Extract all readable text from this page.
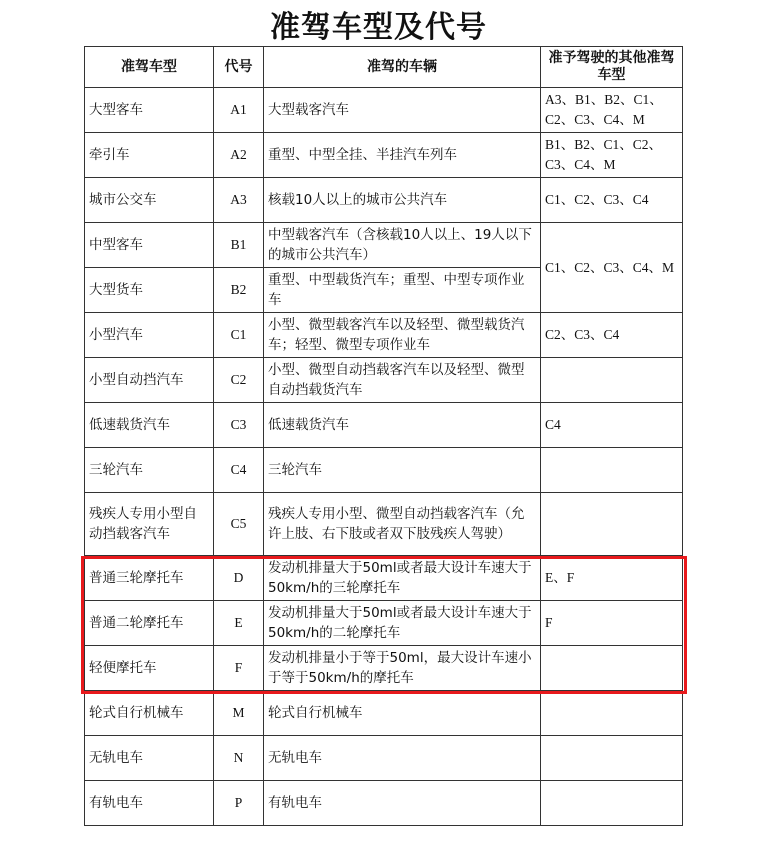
准驾车型及代号
准驾车型	代号	准驾的车辆	准予驾驶的其他准驾车型
大型客车	A1	大型载客汽车	A3、B1、B2、C1、C2、C3、C4、M
牵引车	A2	重型、中型全挂、半挂汽车列车	B1、B2、C1、C2、C3、C4、M
城市公交车	A3	核载10人以上的城市公共汽车	C1、C2、C3、C4
中型客车	B1	中型载客汽车（含核载10人以上、19人以下的城市公共汽车）	C1、C2、C3、C4、M
大型货车	B2	重型、中型载货汽车；重型、中型专项作业车	
小型汽车	C1	小型、微型载客汽车以及轻型、微型载货汽车；轻型、微型专项作业车	C2、C3、C4
小型自动挡汽车	C2	小型、微型自动挡载客汽车以及轻型、微型自动挡载货汽车	
低速载货汽车	C3	低速载货汽车	C4
三轮汽车	C4	三轮汽车	
残疾人专用小型自动挡载客汽车	C5	残疾人专用小型、微型自动挡载客汽车（允许上肢、右下肢或者双下肢残疾人驾驶）	
普通三轮摩托车	D	发动机排量大于50ml或者最大设计车速大于50km/h的三轮摩托车	E、F
普通二轮摩托车	E	发动机排量大于50ml或者最大设计车速大于50km/h的二轮摩托车	F
轻便摩托车	F	发动机排量小于等于50ml，最大设计车速小于等于50km/h的摩托车	
轮式自行机械车	M	轮式自行机械车	
无轨电车	N	无轨电车	
有轨电车	P	有轨电车	
